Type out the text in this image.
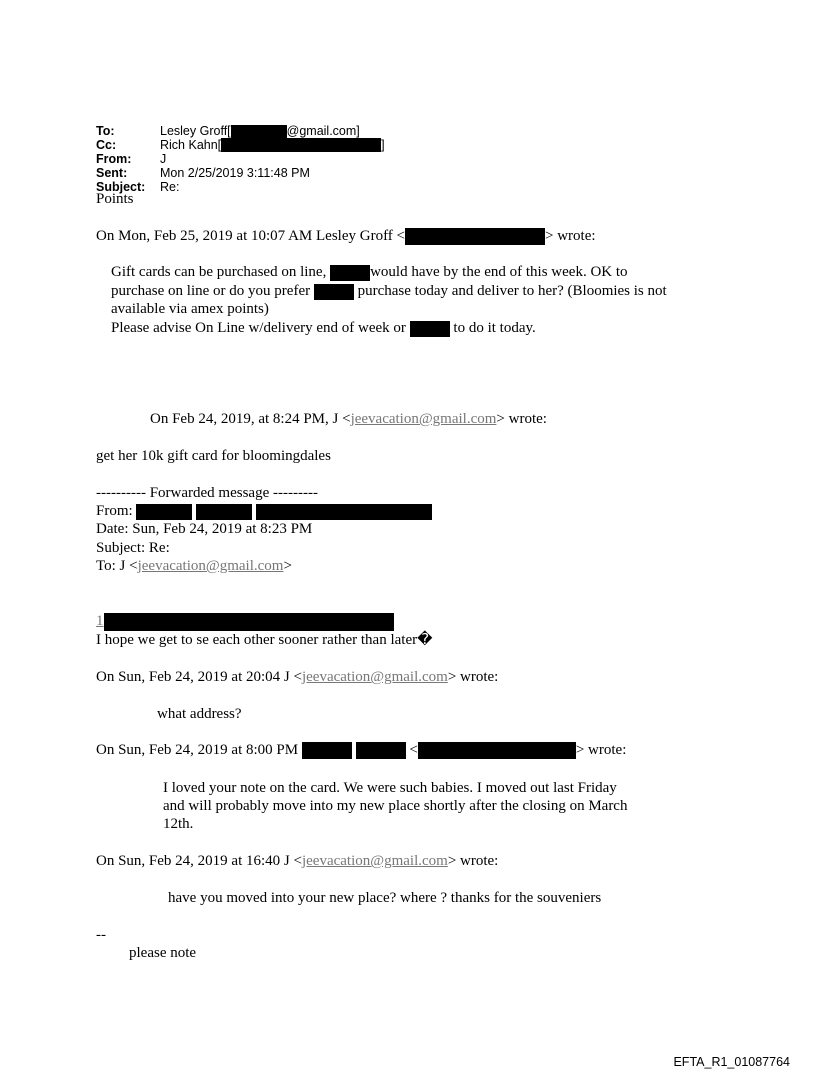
To:	Lesley Groff[	@gmail.com]
Cc:	Rich Kahn[	]
From:	J
Sent:	Mon 2/25/2019 3:11:48 PM
Subject:	Re:
Points
On Mon, Feb 25, 2019 at 10:07 AM Lesley Groff <	> wrote:
Gift cards can be purchased on line,	would have by the end of this week. OK to
purchase on line or do you prefer	purchase today and deliver to her? (Bloomies is not
available via amex points)
Please advise On Line w/delivery end of week or	to do it today.
On Feb 24, 2019, at 8:24 PM, J <jeevacation@gmail.com> wrote:
get her 10k gift card for bloomingdales
---------- Forwarded message ---------
From:
Date: Sun, Feb 24, 2019 at 8:23 PM
Subject: Re:
To: J <jeevacation@gmail.com>
1
I hope we get to se each other sooner rather than later�
On Sun, Feb 24, 2019 at 20:04 J <jeevacation@gmail.com> wrote:
what address?
On Sun, Feb 24, 2019 at 8:00 PM	<	> wrote:
I loved your note on the card. We were such babies. I moved out last Friday
and will probably move into my new place shortly after the closing on March
12th.
On Sun, Feb 24, 2019 at 16:40 J <jeevacation@gmail.com> wrote:
have you moved into your new place? where ? thanks for the souveniers
--
please note
EFTA_R1_01087764
